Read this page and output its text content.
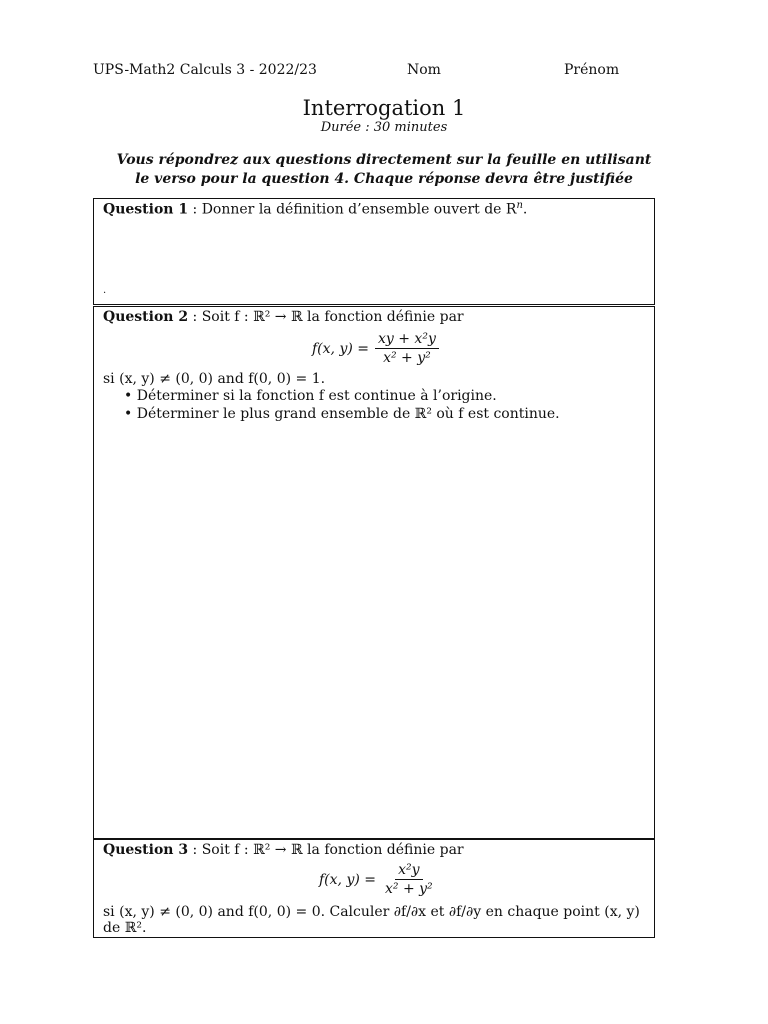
UPS-Math2 Calculs 3 - 2022/23	Nom	Prénom
Interrogation 1
Durée : 30 minutes
Vous répondrez aux questions directement sur la feuille en utilisant
le verso pour la question 4. Chaque réponse devra être justifiée
Question 1 : Donner la définition d’ensemble ouvert de $R^n$.
.
Question 2 : Soit f : ℝ² → ℝ la fonction définie par
f(x, $y) = \frac{\text{xy + x²y}}{\text{x² + y²}}$
si (x, y) ≠ (0, 0) and f(0, 0) = 1.
• Déterminer si la fonction f est continue à l’origine.
• Déterminer le plus grand ensemble de ℝ² où f est continue.
Question 3 : Soit f : ℝ² → ℝ la fonction définie par
f(x, $y) = \frac{\text{x²y}}{\text{x² + y²}}$
si (x, y) ≠ (0, 0) and f(0, 0) = 0. Calculer ∂f/∂x et ∂f/∂y en chaque point (x, y)
de ℝ².
